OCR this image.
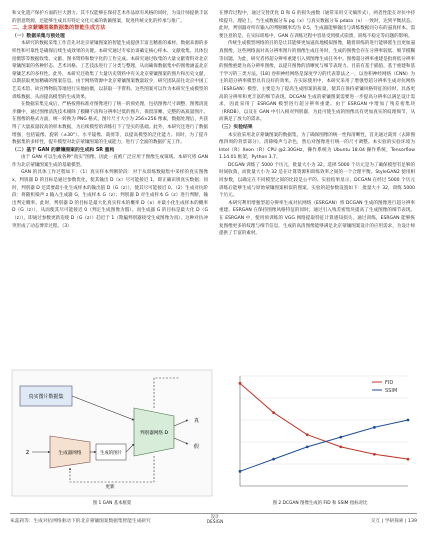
和文化遗产保护方面的巨大潜力。其不仅能够在保持艺术作品原有风格的同时，为设计师提供丰富的创意资源，还能够生成具有特定文化元素的新颖图案，促进传统文化的传承与推广。

二、北京蒙镶图案数据集的智能生成方法

（一）数据采集与预处理

本研究的数据采集工作首先对北京蒙镶图案的智能生成提供丰富且精准的素材。数据来源的多样性和可靠性是确保后续生成效果的关键。本研究通过专家访谈确定核心样本、文献收集、具体包括摄影等数据收集、文献、图书资料和数字化的工作完成。本研究通过收集的大量文献资料对北京蒙镶图案的各种形态、艺术风格、工艺技法进行了分类与整理，从而确保数据集中的图像涵盖北京蒙镶艺术的多样性。此外，本研究还收集了大量历史资料中有关北京蒙镶图案的图片和历史文献，以期获取更加精确的图案信息。由于网络资源中北京蒙镶图案数量较少，研究团队前往北京中国工艺美术馆、故宫博物院等地进行实地拍摄，以获取一手资料。这些图案可以作为本研究生成模型的训练数据，从而提高模型的生成效果。

在数据采集完成后，严格按照标准对图像进行了统一的预处理，包括图像尺寸调整、图像清洗步骤中，通过图像清洗技术剔除了模糊不清和分辨率过低的图片，保留清晰、完整的高质量图片。在图像的格式方面，统一转换为 PNG 格式，图片尺寸大小为 256×256 像素，数据处理后，共获得了大量质量较高的样本数据，为后续模型的训练打下了坚实的基础。此外，本研究还进行了数据增强，包括镜像、旋转（±30°）、水平镜像、裁剪等，以提高模型的泛化能力。同时，为了提升数据集的多样性，提升模型对北京蒙镶图案的生成能力，进行了全面的数据扩充工作。

（二）基于 GAN 的蒙镶图案的生成和 SR 重构

由于 GAN 可以生成各种“真实”图像，因此一直被广泛应用于图像生成领域。本研究将 GAN 作为北京蒙镶图案生成的基础模型。

GAN 的具体工作过程如下：（1）真实样本判断阶段：对于从训练数据集中采样的真实图像 x，判别器 D 的目标是通过参数优化，使其输出 D（x）尽可能接近 1，即正确识别真实数据；同时，判别器 D 还需要最小化生成样本的输出值 D（G（z）），使其尽可能接近 0。（2）生成对抗阶段：将随机噪声 z 输入生成器 G，生成样本 G（z）；判别器 D 对生成样本 G（z）进行判断，输出判定概率。此时，判别器 D 的目标是最大化真实样本的概率 D（x）并最小化生成样本的概率 D（G（z）），从而使其尽可能接近 0（判定生成图像为假）。而生成器 G 的目标是最大化 D（G（z）），即通过参数更新迫使 D（G（z））趋近于 1（欺骗判别器接受生成图像为真）。这种对抗冲突形成了动态博弈过程。（3）

在博弈过程中，通过交替优化 D 和 G 的损失函数（通常采用交叉熵形式），两者性能在对抗中持续提升。理论上，当生成数据分布 pg（x）与真实数据分布 pdata（x）一致时，达到平衡状态。此时，判别器对所有输入的判断概率均为 0.5，生成器能够输出与训练数据同分布的逼真样本。需要注意的是，在实际训练中，GAN 在训练过程中容易受到模式崩溃、训练不稳定等问题的影响。

传统生成模型网络的目的是让其能够更加逼真地模拟图像，随着训练的进行能够派生出更加逼真图像，这些网络面对高分辨率图片的图像生成任务时，生成的图像会存在分辨率较低、细节模糊等问题。为此，研究者将超分辨率重建引入到图像生成任务中。图像超分辨率重建是指将低分辨率的图像重建为高分辨率图像，以提升图像的清晰度与细节表现力。目前有基于插值、基于重建和基于学习的三类方法。[18] 卷积神经网络是深度学习的代表算法之一，以卷积神经网络（CNN）为主的超分辨率模型具有良好的效果。在实际使用中，本研究采用了增强型超分辨率生成对抗网络（ESRGAN）模型，主要是为了提高生成图案的质量，使其在保持蒙镶风格特征的同时，具备更高的分辨率和更丰富的细节表现。DCGAN 生成的蒙镶图案需要进一步提高分辨率以满足设计需求，因此采用了 ESRGAN 模型进行超分辨率重建。由于 ESRGAN 中增加了残差密集块（RRDB），以及在 GAN 中引入相对判别器，为此可使生成的图像具有更加真实的纹理细节，从而满足了放大的需求。

（三）实验结果

本实验采用北京蒙镶图案的数据集，为了确保图像的统一性和清晰性，首先通过裁剪（去除图像四周的背景部分），清除噪声与杂色，然后对图像进行统一的尺寸调整。本实验的实验环境为 Intel（R）Xeon（R）CPU @2.30GHz，操作系统为 Ubuntu 18.04 操作系统，Tensorflow 1.14.01 框架，Python 3.7。

DCGAN 训练了 5000 个历元，批量大小为 32。选择 5000 个历元是为了确保模型有足够的时间收敛，而批量大小为 32 是在计算资源和训练效率之间的一个合理平衡。StyleGAN2 使用相同参数，以确定在不同模型之间的比较是公平的。实验结果显示，DCGAN 在经过 5000 个历元训练后能够生成与原始蒙镶图案相似的图案。实验的超参数设置如下：批量大小 32，训练 5000 个历元。

本研究利用增强型超分辨率生成对抗网络（ESRGAN）将 DCGAN 生成的图像进行超分辨率重建。ESRGAN 在保持图像风格特征的同时，通过引入残差密集块提高了生成图像的细节表现。在 ESRGAN 中，使用预训练的 VGG 网络提取特征计算感知损失，通过训练，ESRGAN 能够恢复图像更多的纹理与细节信息，生成的高清图像能够满足北京蒙镶图案设计的应用需求，为设计师提供了丰富的素材。

真实图片数据集
z	生成器网络	生成的图片
判别器网络 D
真
假
更新
图 1 GAN 基本框架
FID
SSIM
图 2 DCGAN 图像生成的 FID 和 SSIM 指标对比
朱蕊莉等：生成对抗网络驱动下的北京蒙镶图案数据集智能生成研究
设计
DESIGN	交互 | 学研探索 | 139
